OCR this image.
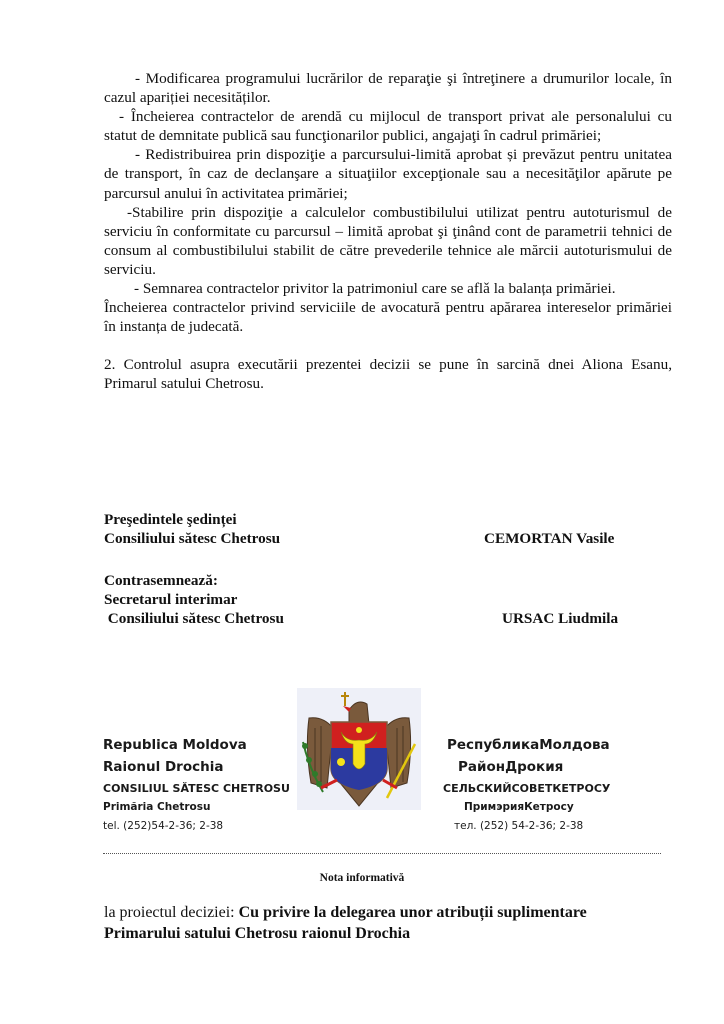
- Modificarea programului lucrărilor de reparaţie şi întreţinere a drumurilor locale, în cazul apariției necesităților.

- Încheierea contractelor de arendă cu mijlocul de transport privat ale personalului cu statut de demnitate publică sau funcţionarilor publici, angajaţi în cadrul primăriei;

- Redistribuirea prin dispoziţie a parcursului-limită aprobat și prevăzut pentru unitatea de transport, în caz de declanşare a situaţiilor excepţionale sau a necesităţilor apărute pe parcursul anului în activitatea primăriei;

-Stabilire prin dispoziţie a calculelor combustibilului utilizat pentru autoturismul de serviciu în conformitate cu parcursul – limită aprobat şi ţinând cont de parametrii tehnici de consum al combustibilului stabilit de către prevederile tehnice ale mărcii autoturismului de serviciu.

- Semnarea contractelor privitor la patrimoniul care se aflǎ la balanța primăriei.

Încheierea contractelor privind serviciile de avocatură pentru apărarea intereselor primăriei în instanța de judecată.

2. Controlul asupra executării prezentei decizii se pune în sarcină dnei Aliona Esanu, Primarul satului Chetrosu.

Preşedintele şedinței
Consiliului sătesc Chetrosu	CEMORTAN Vasile
Contrasemnează:
Secretarul interimar
Consiliului sătesc Chetrosu	URSAC Liudmila
Republica Moldova
Raionul Drochia
CONSILIUL SĂTESC CHETROSU
Primăria Chetrosu
tel. (252)54-2-36; 2-38
РеспубликаМолдова
РайонДрокия
СЕЛЬСКИЙСОВЕТКЕТРОСУ
ПримэрияКетросу
тел. (252) 54-2-36; 2-38
Nota informativă
la proiectul deciziei: Cu privire la delegarea unor atribuții suplimentare
Primarului satului Chetrosu raionul Drochia
